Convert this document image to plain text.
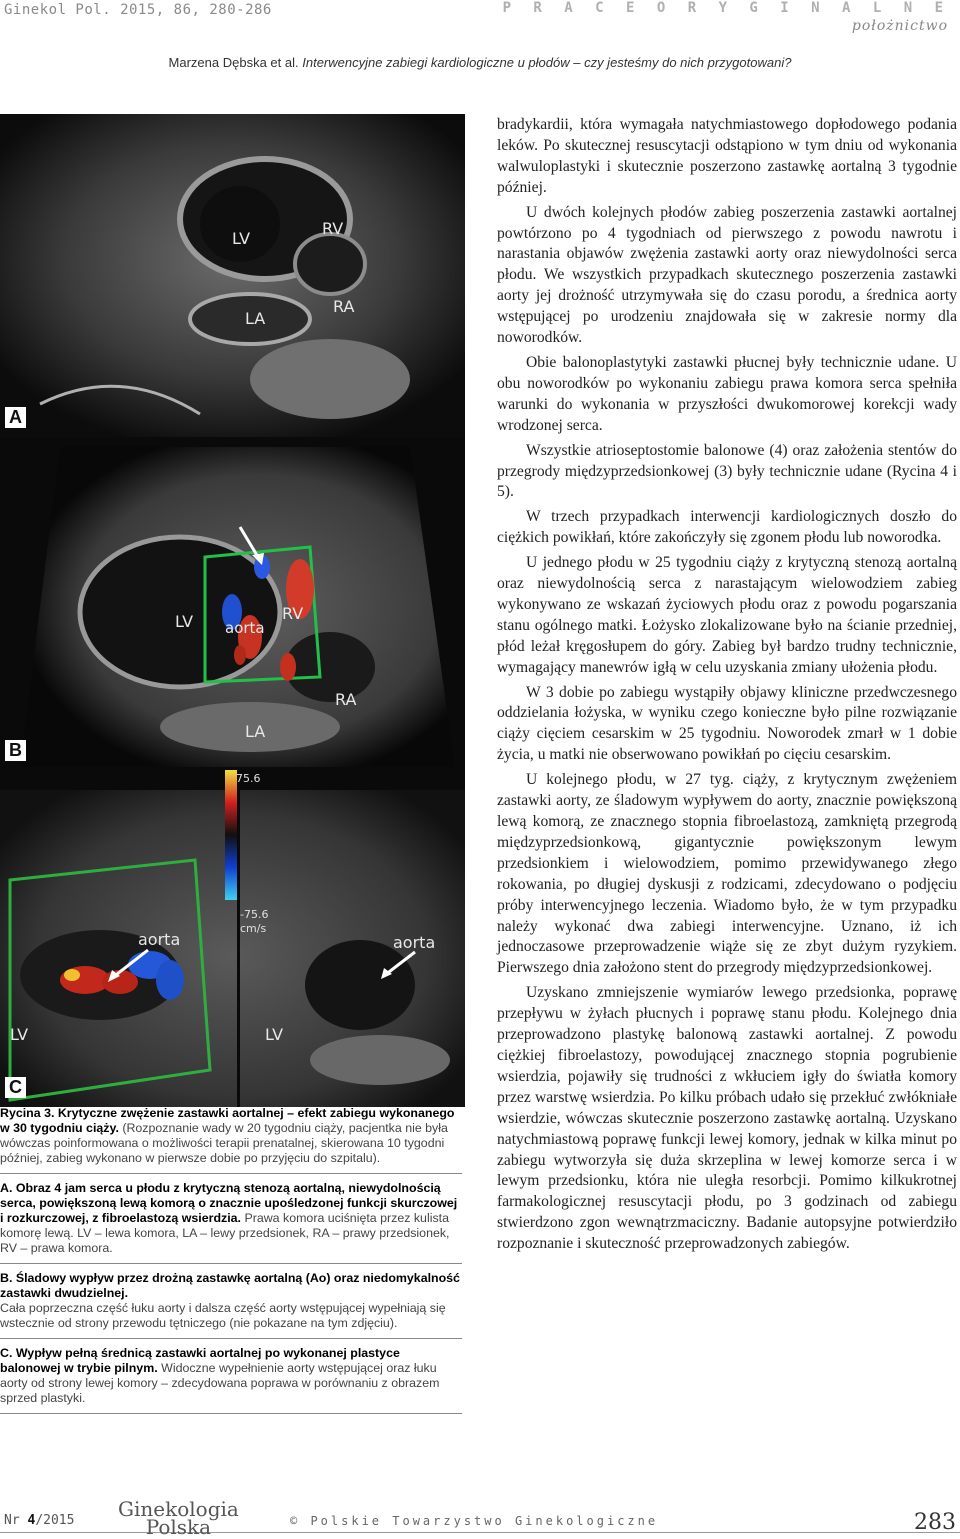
Ginekol Pol. 2015, 86, 280-286	P R A C E O R Y G I N A L N E
położnictwo
Marzena Dębska et al. Interwencyjne zabiegi kardiologiczne u płodów – czy jesteśmy do nich przygotowani?
LV
RV
LA
RA
A
LV aorta
RV
LA
RA
B
aorta
LV
aorta
LV
75.6
-75.6
cm/s
C

Rycina 3. Krytyczne zwężenie zastawki aortalnej – efekt zabiegu wykonanego w 30 tygodniu ciąży. (Rozpoznanie wady w 20 tygodniu ciąży, pacjentka nie była wówczas poinformowana o możliwości terapii prenatalnej, skierowana 10 tygodni później, zabieg wykonano w pierwsze dobie po przyjęciu do szpitalu).

A. Obraz 4 jam serca u płodu z krytyczną stenozą aortalną, niewydolnością serca, powiększoną lewą komorą o znacznie upośledzonej funkcji skurczowej i rozkurczowej, z fibroelastozą wsierdzia. Prawa komora uciśnięta przez kulista komorę lewą. LV – lewa komora, LA – lewy przedsionek, RA – prawy przedsionek, RV – prawa komora.

B. Śladowy wypływ przez drożną zastawkę aortalną (Ao) oraz niedomykalność zastawki dwudzielnej.
Cała poprzeczna część łuku aorty i dalsza część aorty wstępującej wypełniają się wstecznie od strony przewodu tętniczego (nie pokazane na tym zdjęciu).

C. Wypływ pełną średnicą zastawki aortalnej po wykonanej plastyce balonowej w trybie pilnym. Widoczne wypełnienie aorty wstępującej oraz łuku aorty od strony lewej komory – zdecydowana poprawa w porównaniu z obrazem sprzed plastyki.

bradykardii, która wymagała natychmiastowego dopłodowego podania leków. Po skutecznej resuscytacji odstąpiono w tym dniu od wykonania walwuloplastyki i skutecznie poszerzono zastawkę aortalną 3 tygodnie później.

U dwóch kolejnych płodów zabieg poszerzenia zastawki aortalnej powtórzono po 4 tygodniach od pierwszego z powodu nawrotu i narastania objawów zwężenia zastawki aorty oraz niewydolności serca płodu. We wszystkich przypadkach skutecznego poszerzenia zastawki aorty jej drożność utrzymywała się do czasu porodu, a średnica aorty wstępującej po urodzeniu znajdowała się w zakresie normy dla noworodków.

Obie balonoplastytyki zastawki płucnej były technicznie udane. U obu noworodków po wykonaniu zabiegu prawa komora serca spełniła warunki do wykonania w przyszłości dwukomorowej korekcji wady wrodzonej serca.

Wszystkie atrioseptostomie balonowe (4) oraz założenia stentów do przegrody międzyprzedsionkowej (3) były technicznie udane (Rycina 4 i 5).

W trzech przypadkach interwencji kardiologicznych doszło do ciężkich powikłań, które zakończyły się zgonem płodu lub noworodka.

U jednego płodu w 25 tygodniu ciąży z krytyczną stenozą aortalną oraz niewydolnością serca z narastającym wielowodziem zabieg wykonywano ze wskazań życiowych płodu oraz z powodu pogarszania stanu ogólnego matki. Łożysko zlokalizowane było na ścianie przedniej, płód leżał kręgosłupem do góry. Zabieg był bardzo trudny technicznie, wymagający manewrów igłą w celu uzyskania zmiany ułożenia płodu.

W 3 dobie po zabiegu wystąpiły objawy kliniczne przedwczesnego oddzielania łożyska, w wyniku czego konieczne było pilne rozwiązanie ciąży cięciem cesarskim w 25 tygodniu. Noworodek zmarł w 1 dobie życia, u matki nie obserwowano powikłań po cięciu cesarskim.

U kolejnego płodu, w 27 tyg. ciąży, z krytycznym zwężeniem zastawki aorty, ze śladowym wypływem do aorty, znacznie powiększoną lewą komorą, ze znacznego stopnia fibroelastozą, zamkniętą przegrodą międzyprzedsionkową, gigantycznie powiększonym lewym przedsionkiem i wielowodziem, pomimo przewidywanego złego rokowania, po długiej dyskusji z rodzicami, zdecydowano o podjęciu próby interwencyjnego leczenia. Wiadomo było, że w tym przypadku należy wykonać dwa zabiegi interwencyjne. Uznano, iż ich jednoczasowe przeprowadzenie wiąże się ze zbyt dużym ryzykiem. Pierwszego dnia założono stent do przegrody międzyprzedsionkowej.

Uzyskano zmniejszenie wymiarów lewego przedsionka, poprawę przepływu w żyłach płucnych i poprawę stanu płodu. Kolejnego dnia przeprowadzono plastykę balonową zastawki aortalnej. Z powodu ciężkiej fibroelastozy, powodującej znacznego stopnia pogrubienie wsierdzia, pojawiły się trudności z wkłuciem igły do światła komory przez warstwę wsierdzia. Po kilku próbach udało się przekłuć zwłókniałe wsierdzie, wówczas skutecznie poszerzono zastawkę aortalną. Uzyskano natychmiastową poprawę funkcji lewej komory, jednak w kilka minut po zabiegu wytworzyła się duża skrzeplina w lewej komorze serca i w lewym przedsionku, która nie uległa resorbcji. Pomimo kilkukrotnej farmakologicznej resuscytacji płodu, po 3 godzinach od zabiegu stwierdzono zgon wewnątrzmaciczny. Badanie autopsyjne potwierdziło rozpoznanie i skuteczność przeprowadzonych zabiegów.

Nr 4/2015 Ginekologia
Polska	© Polskie Towarzystwo Ginekologiczne	283
